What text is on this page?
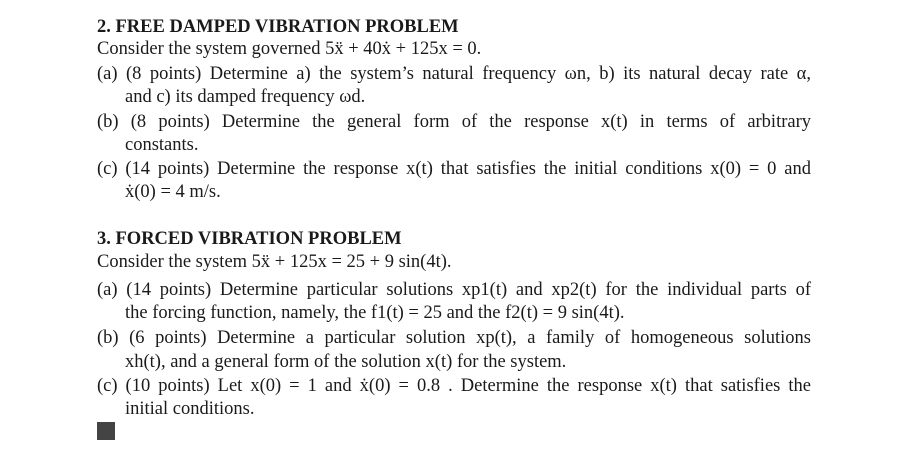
2. FREE DAMPED VIBRATION PROBLEM
Consider the system governed 5ẍ + 40ẋ + 125x = 0.
(a) (8 points) Determine a) the system’s natural frequency ωn, b) its natural decay rate α,
and c) its damped frequency ωd.
(b) (8 points) Determine the general form of the response x(t) in terms of arbitrary
constants.
(c) (14 points) Determine the response x(t) that satisfies the initial conditions x(0) = 0 and
ẋ(0) = 4 m/s.
3. FORCED VIBRATION PROBLEM
Consider the system 5ẍ + 125x = 25 + 9 sin(4t).
(a) (14 points) Determine particular solutions xp1(t) and xp2(t) for the individual parts of
the forcing function, namely, the f1(t) = 25 and the f2(t) = 9 sin(4t).
(b) (6 points) Determine a particular solution xp(t), a family of homogeneous solutions
xh(t), and a general form of the solution x(t) for the system.
(c) (10 points) Let x(0) = 1 and ẋ(0) = 0.8 . Determine the response x(t) that satisfies the
initial conditions.
